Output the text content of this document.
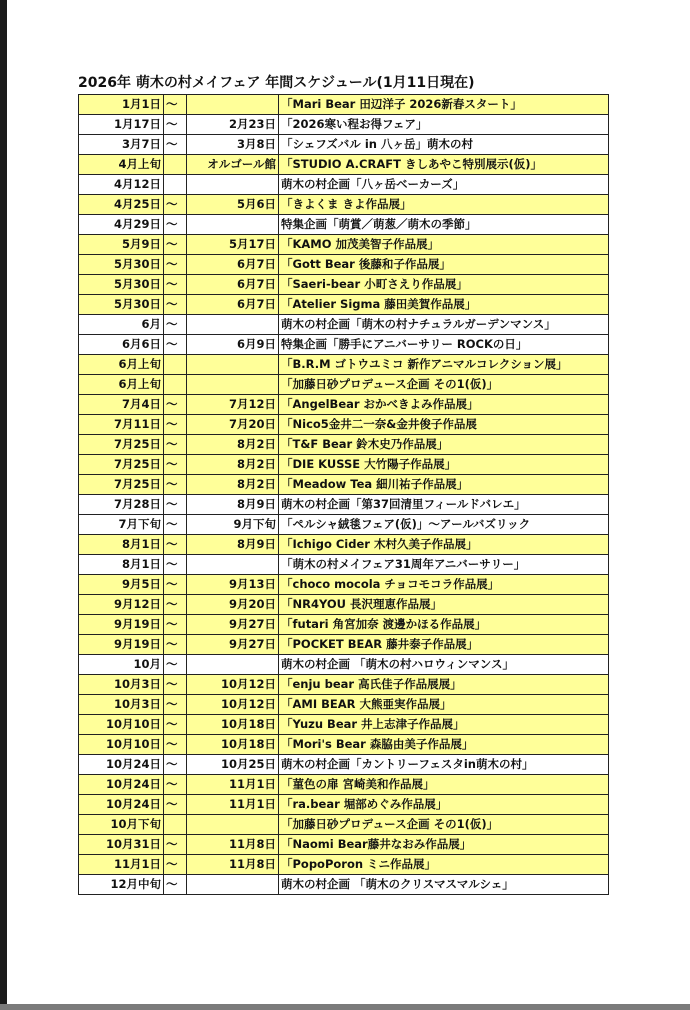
2026年 萌木の村メイフェア 年間スケジュール(1月11日現在)
1月1日	〜		「Mari Bear 田辺洋子 2026新春スタート」
1月17日	〜	2月23日	「2026寒い程お得フェア」
3月7日	〜	3月8日	「シェフズバル in 八ヶ岳」萌木の村
4月上旬		オルゴール館	「STUDIO A.CRAFT きしあやこ特別展示(仮)」
4月12日			萌木の村企画「八ヶ岳ベーカーズ」
4月25日	〜	5月6日	「きよくま きよ作品展」
4月29日	〜		特集企画「萌賞／萌葱／萌木の季節」
5月9日	〜	5月17日	「KAMO 加茂美智子作品展」
5月30日	〜	6月7日	「Gott Bear 後藤和子作品展」
5月30日	〜	6月7日	「Saeri-bear 小町さえり作品展」
5月30日	〜	6月7日	「Atelier Sigma 藤田美賀作品展」
6月	〜		萌木の村企画「萌木の村ナチュラルガーデンマンス」
6月6日	〜	6月9日	特集企画「勝手にアニバーサリー ROCKの日」
6月上旬			「B.R.M ゴトウユミコ 新作アニマルコレクション展」
6月上旬			「加藤日砂プロデュース企画 その1(仮)」
7月4日	〜	7月12日	「AngelBear おかべきよみ作品展」
7月11日	〜	7月20日	「Nico5金井二一奈&金井俊子作品展
7月25日	〜	8月2日	「T&F Bear 鈴木史乃作品展」
7月25日	〜	8月2日	「DIE KUSSE 大竹陽子作品展」
7月25日	〜	8月2日	「Meadow Tea 細川祐子作品展」
7月28日	〜	8月9日	萌木の村企画「第37回清里フィールドバレエ」
7月下旬	〜	9月下旬	「ペルシャ絨毯フェア(仮)」〜アールバズリック
8月1日	〜	8月9日	「Ichigo Cider 木村久美子作品展」
8月1日	〜		「萌木の村メイフェア31周年アニバーサリー」
9月5日	〜	9月13日	「choco mocola チョコモコラ作品展」
9月12日	〜	9月20日	「NR4YOU 長沢理恵作品展」
9月19日	〜	9月27日	「futari 角宮加奈 渡邊かほる作品展」
9月19日	〜	9月27日	「POCKET BEAR 藤井泰子作品展」
10月	〜		萌木の村企画 「萌木の村ハロウィンマンス」
10月3日	〜	10月12日	「enju bear 高氏佳子作品展展」
10月3日	〜	10月12日	「AMI BEAR 大熊亜実作品展」
10月10日	〜	10月18日	「Yuzu Bear 井上志津子作品展」
10月10日	〜	10月18日	「Mori's Bear 森脇由美子作品展」
10月24日	〜	10月25日	萌木の村企画「カントリーフェスタin萌木の村」
10月24日	〜	11月1日	「菫色の扉 宮崎美和作品展」
10月24日	〜	11月1日	「ra.bear 堀部めぐみ作品展」
10月下旬			「加藤日砂プロデュース企画 その1(仮)」
10月31日	〜	11月8日	「Naomi Bear藤井なおみ作品展」
11月1日	〜	11月8日	「PopoPoron ミニ作品展」
12月中旬	〜		萌木の村企画 「萌木のクリスマスマルシェ」
